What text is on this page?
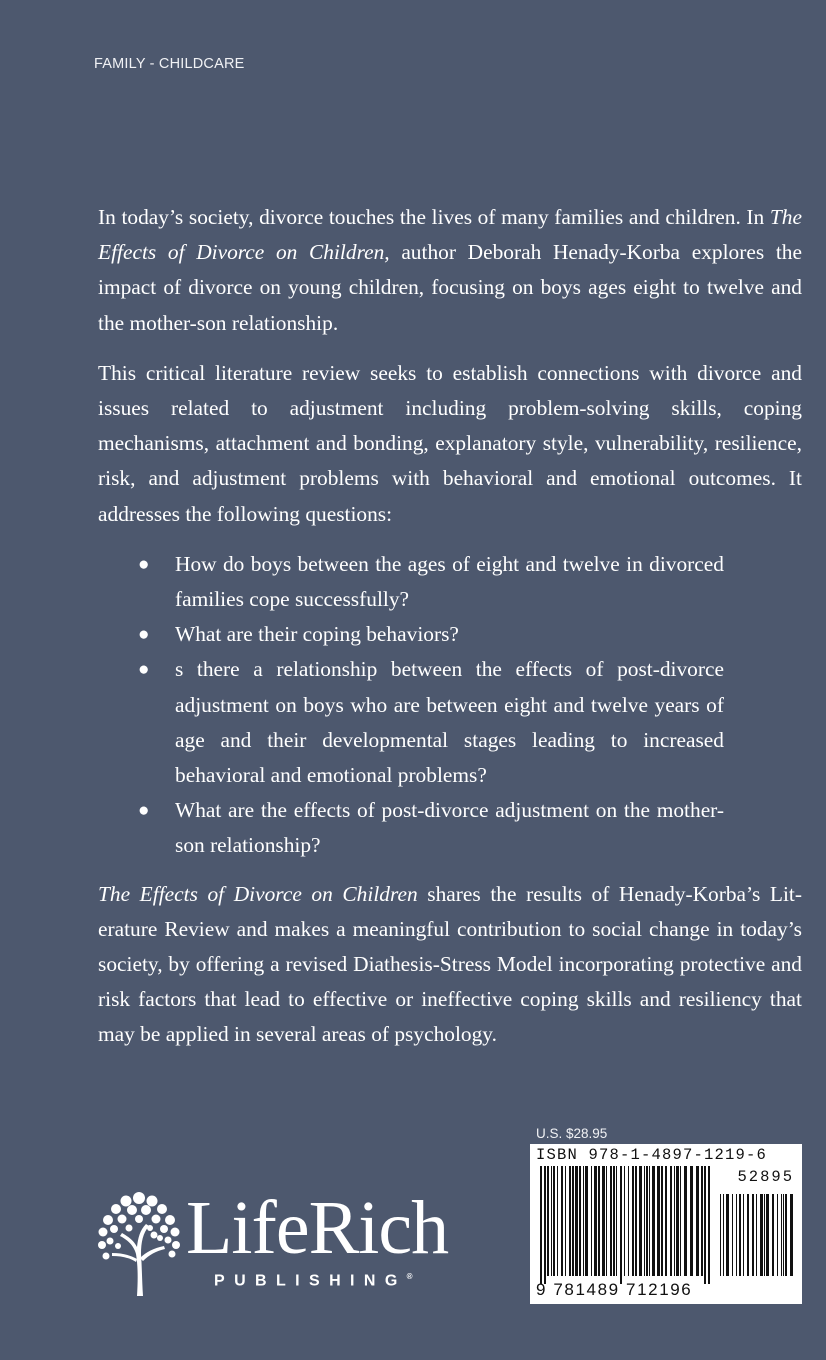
FAMILY - CHILDCARE

In today’s society, divorce touches the lives of many families and children. In The Effects of Divorce on Children, author Deborah Henady-Korba explores the impact of divorce on young children, focusing on boys ages eight to twelve and the mother-son relationship.

This critical literature review seeks to establish connections with divorce and issues related to adjustment including problem-solving skills, coping mechanisms, attachment and bonding, explanatory style, vulnerability, resilience, risk, and adjustment problems with behavioral and emotional outcomes. It addresses the following questions:

● How do boys between the ages of eight and twelve in divorced families cope successfully?
● What are their coping behaviors?
● s there a relationship between the effects of post-divorce adjustment on boys who are between eight and twelve years of age and their developmental stages leading to increased behavioral and emotional problems?
● What are the effects of post-divorce adjustment on the mother-son relationship?

The Effects of Divorce on Children shares the results of Henady-Korba’s Literature Review and makes a meaningful contribution to social change in today’s society, by offering a revised Diathesis-Stress Model incorporating protective and risk factors that lead to effective or ineffective coping skills and resiliency that may be applied in several areas of psychology.

U.S. $28.95
ISBN 978-1-4897-1219-6
52895
9 781489 712196
LifeRich
PUBLISHING®
